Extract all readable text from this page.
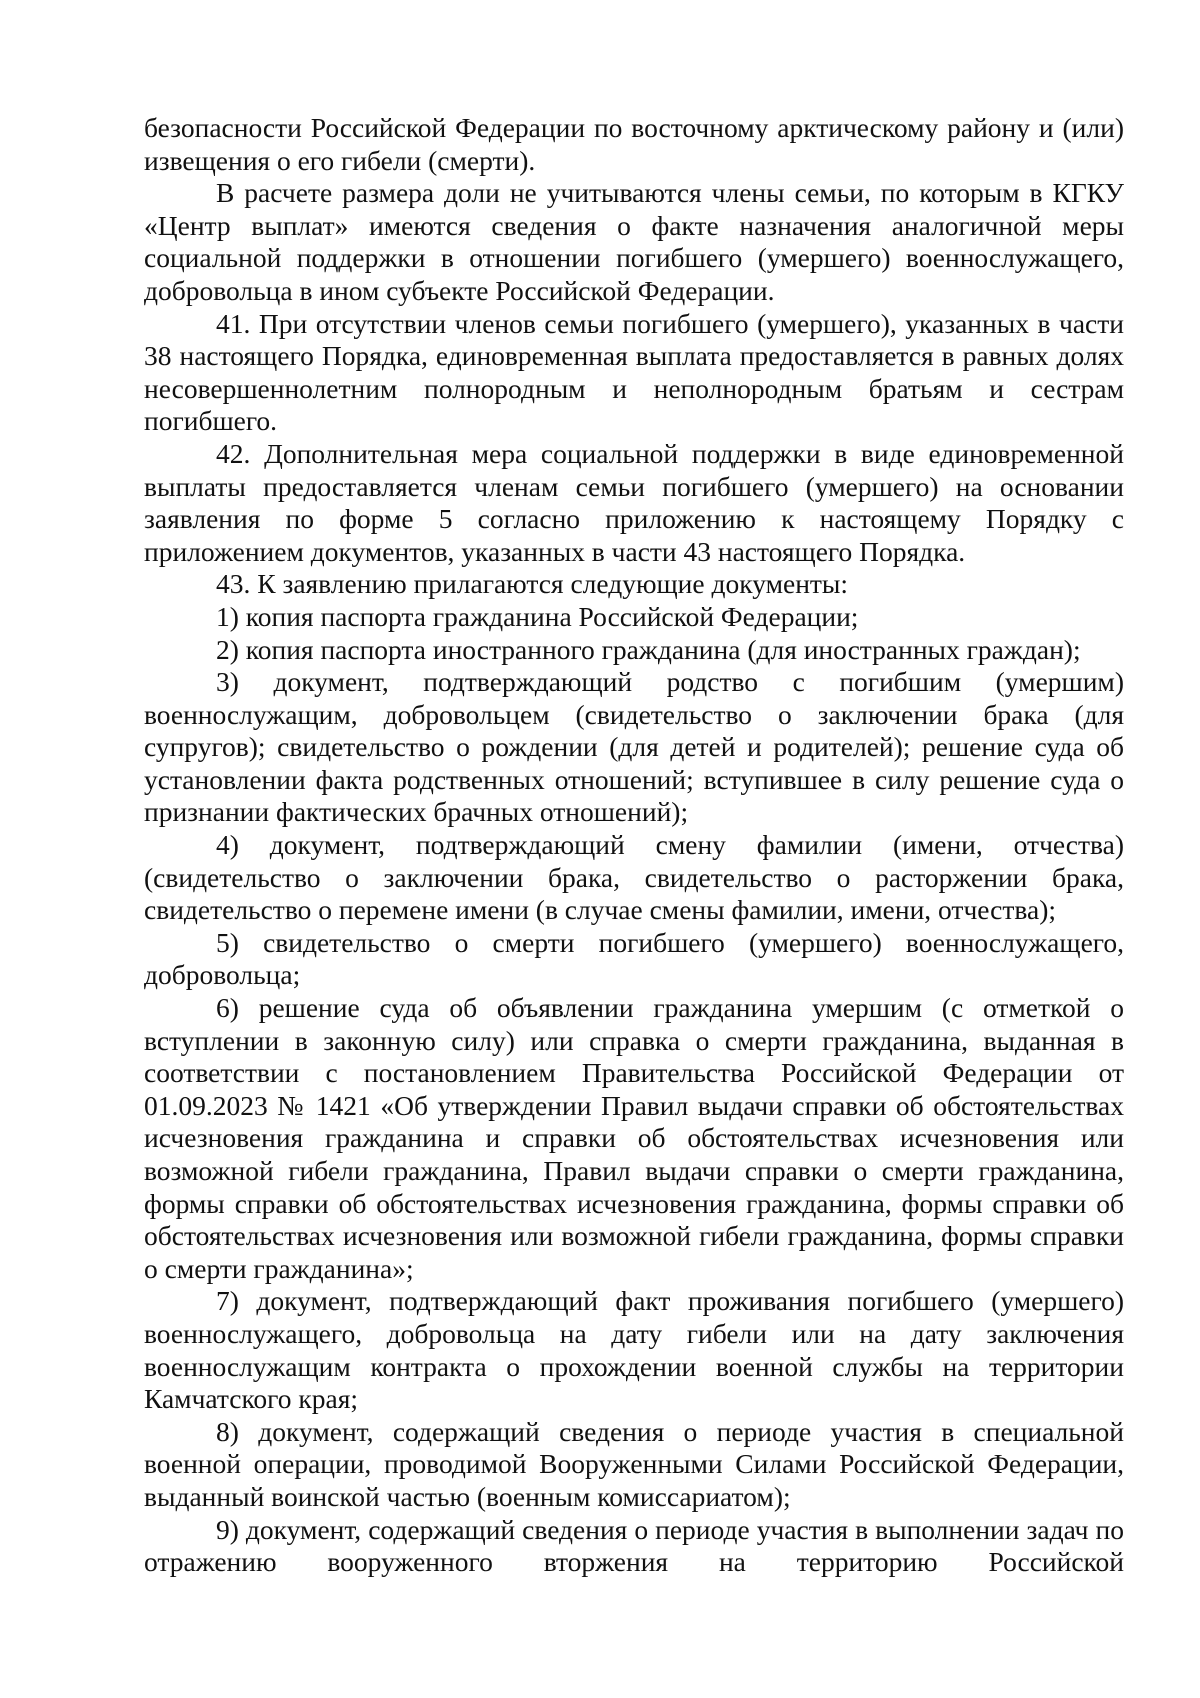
безопасности Российской Федерации по восточному арктическому району и (или) извещения о его гибели (смерти).

В расчете размера доли не учитываются члены семьи, по которым в КГКУ «Центр выплат» имеются сведения о факте назначения аналогичной меры социальной поддержки в отношении погибшего (умершего) военнослужащего, добровольца в ином субъекте Российской Федерации.

41. При отсутствии членов семьи погибшего (умершего), указанных в части 38 настоящего Порядка, единовременная выплата предоставляется в равных долях несовершеннолетним полнородным и неполнородным братьям и сестрам погибшего.

42. Дополнительная мера социальной поддержки в виде единовременной выплаты предоставляется членам семьи погибшего (умершего) на основании заявления по форме 5 согласно приложению к настоящему Порядку с приложением документов, указанных в части 43 настоящего Порядка.

43. К заявлению прилагаются следующие документы:

1) копия паспорта гражданина Российской Федерации;

2) копия паспорта иностранного гражданина (для иностранных граждан);

3) документ, подтверждающий родство с погибшим (умершим) военнослужащим, добровольцем (свидетельство о заключении брака (для супругов); свидетельство о рождении (для детей и родителей); решение суда об установлении факта родственных отношений; вступившее в силу решение суда о признании фактических брачных отношений);

4) документ, подтверждающий смену фамилии (имени, отчества) (свидетельство о заключении брака, свидетельство о расторжении брака, свидетельство о перемене имени (в случае смены фамилии, имени, отчества);

5) свидетельство о смерти погибшего (умершего) военнослужащего, добровольца;

6) решение суда об объявлении гражданина умершим (с отметкой о вступлении в законную силу) или справка о смерти гражданина, выданная в соответствии с постановлением Правительства Российской Федерации от 01.09.2023 № 1421 «Об утверждении Правил выдачи справки об обстоятельствах исчезновения гражданина и справки об обстоятельствах исчезновения или возможной гибели гражданина, Правил выдачи справки о смерти гражданина, формы справки об обстоятельствах исчезновения гражданина, формы справки об обстоятельствах исчезновения или возможной гибели гражданина, формы справки о смерти гражданина»;

7) документ, подтверждающий факт проживания погибшего (умершего) военнослужащего, добровольца на дату гибели или на дату заключения военнослужащим контракта о прохождении военной службы на территории Камчатского края;

8) документ, содержащий сведения о периоде участия в специальной военной операции, проводимой Вооруженными Силами Российской Федерации, выданный воинской частью (военным комиссариатом);

9) документ, содержащий сведения о периоде участия в выполнении задач по отражению вооруженного вторжения на территорию Российской
